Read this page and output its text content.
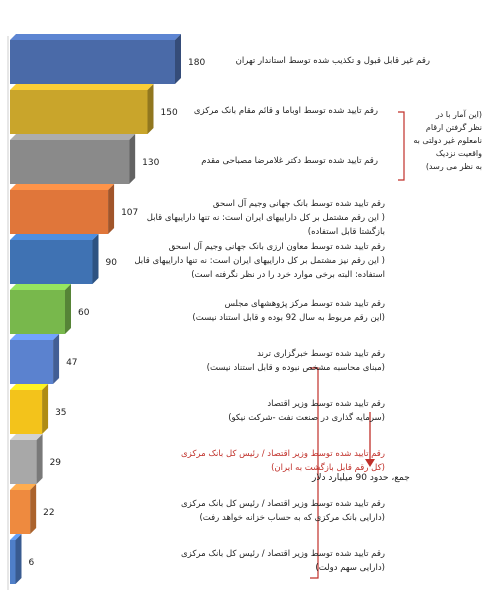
180
150
130
107
90
60
47
35
29
22
6
رقم غیر قابل قبول و تکذیب شده توسط استاندار تهران
رقم تایید شده توسط اوباما و قائم مقام بانک مرکزی
رقم تایید شده توسط دکتر غلامرضا مصباحی مقدم
رقم تایید شده توسط بانک جهانی وجیم آل اسحق
( این رقم مشتمل بر کل داراییهای ایران است: نه تنها داراییهای قابل بازگشتا قابل استفاده)
رقم تایید شده توسط معاون ارزی بانک جهانی وجیم آل اسحق
( این رقم نیز مشتمل بر کل داراییهای ایران است: نه تنها داراییهای قابل
استفاده: البته برخی موارد خرد را در نظر نگرفته است)
رقم تایید شده توسط مرکز پژوهشهای مجلس
(این رقم مربوط به سال 92 بوده و قابل استناد نیست)
رقم تایید شده توسط خبرگزاری ترند
(مبنای محاسبه مشخص نبوده و قابل استناد نیست)
رقم تایید شده توسط وزیر اقتصاد
(سرمایه گذاری در صنعت نفت -شرکت نیکو)
رقم تایید شده توسط وزیر اقتصاد / رئیس کل بانک مرکزی
(کل رقم قابل بازگشت به ایران)
رقم تایید شده توسط وزیر اقتصاد / رئیس کل بانک مرکزی
(دارایی بانک مرکزی که به حساب خزانه خواهد رفت)
رقم تایید شده توسط وزیر اقتصاد / رئیس کل بانک مرکزی
(دارایی سهم دولت)
(این آمار با در
نظر گرفتن ارقام
نامعلوم غیر دولتی به
واقعیت نزدیک
به نظر می رسد)
جمع، حدود 90 میلیارد دلار
